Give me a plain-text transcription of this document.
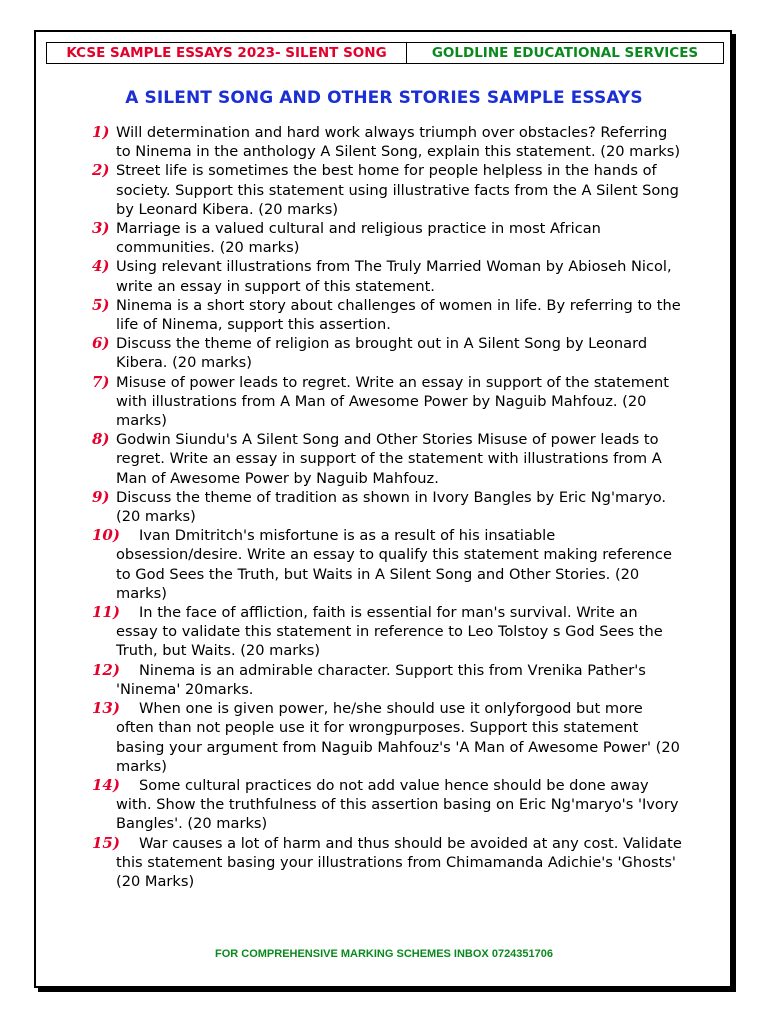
KCSE SAMPLE ESSAYS 2023- SILENT SONG	GOLDLINE EDUCATIONAL SERVICES
A SILENT SONG AND OTHER STORIES SAMPLE ESSAYS
1) Will determination and hard work always triumph over obstacles? Referring to Ninema in the anthology A Silent Song, explain this statement. (20 marks)
2) Street life is sometimes the best home for people helpless in the hands of society. Support this statement using illustrative facts from the A Silent Song by Leonard Kibera. (20 marks)
3) Marriage is a valued cultural and religious practice in most African communities. (20 marks)
4) Using relevant illustrations from The Truly Married Woman by Abioseh Nicol, write an essay in support of this statement.
5) Ninema is a short story about challenges of women in life. By referring to the life of Ninema, support this assertion.
6) Discuss the theme of religion as brought out in A Silent Song by Leonard Kibera. (20 marks)
7) Misuse of power leads to regret. Write an essay in support of the statement with illustrations from A Man of Awesome Power by Naguib Mahfouz. (20 marks)
8) Godwin Siundu's A Silent Song and Other Stories Misuse of power leads to regret. Write an essay in support of the statement with illustrations from A Man of Awesome Power by Naguib Mahfouz.
9) Discuss the theme of tradition as shown in Ivory Bangles by Eric Ng'maryo. (20 marks)
10) Ivan Dmitritch's misfortune is as a result of his insatiable obsession/desire. Write an essay to qualify this statement making reference to God Sees the Truth, but Waits in A Silent Song and Other Stories. (20 marks)
11) In the face of affliction, faith is essential for man's survival. Write an essay to validate this statement in reference to Leo Tolstoy s God Sees the Truth, but Waits. (20 marks)
12) Ninema is an admirable character. Support this from Vrenika Pather's 'Ninema' 20marks.
13) When one is given power, he/she should use it onlyforgood but more often than not people use it for wrongpurposes. Support this statement basing your argument from Naguib Mahfouz's 'A Man of Awesome Power' (20 marks)
14) Some cultural practices do not add value hence should be done away with. Show the truthfulness of this assertion basing on Eric Ng'maryo's 'Ivory Bangles'. (20 marks)
15) War causes a lot of harm and thus should be avoided at any cost. Validate this statement basing your illustrations from Chimamanda Adichie's 'Ghosts' (20 Marks)
FOR COMPREHENSIVE MARKING SCHEMES INBOX 0724351706
